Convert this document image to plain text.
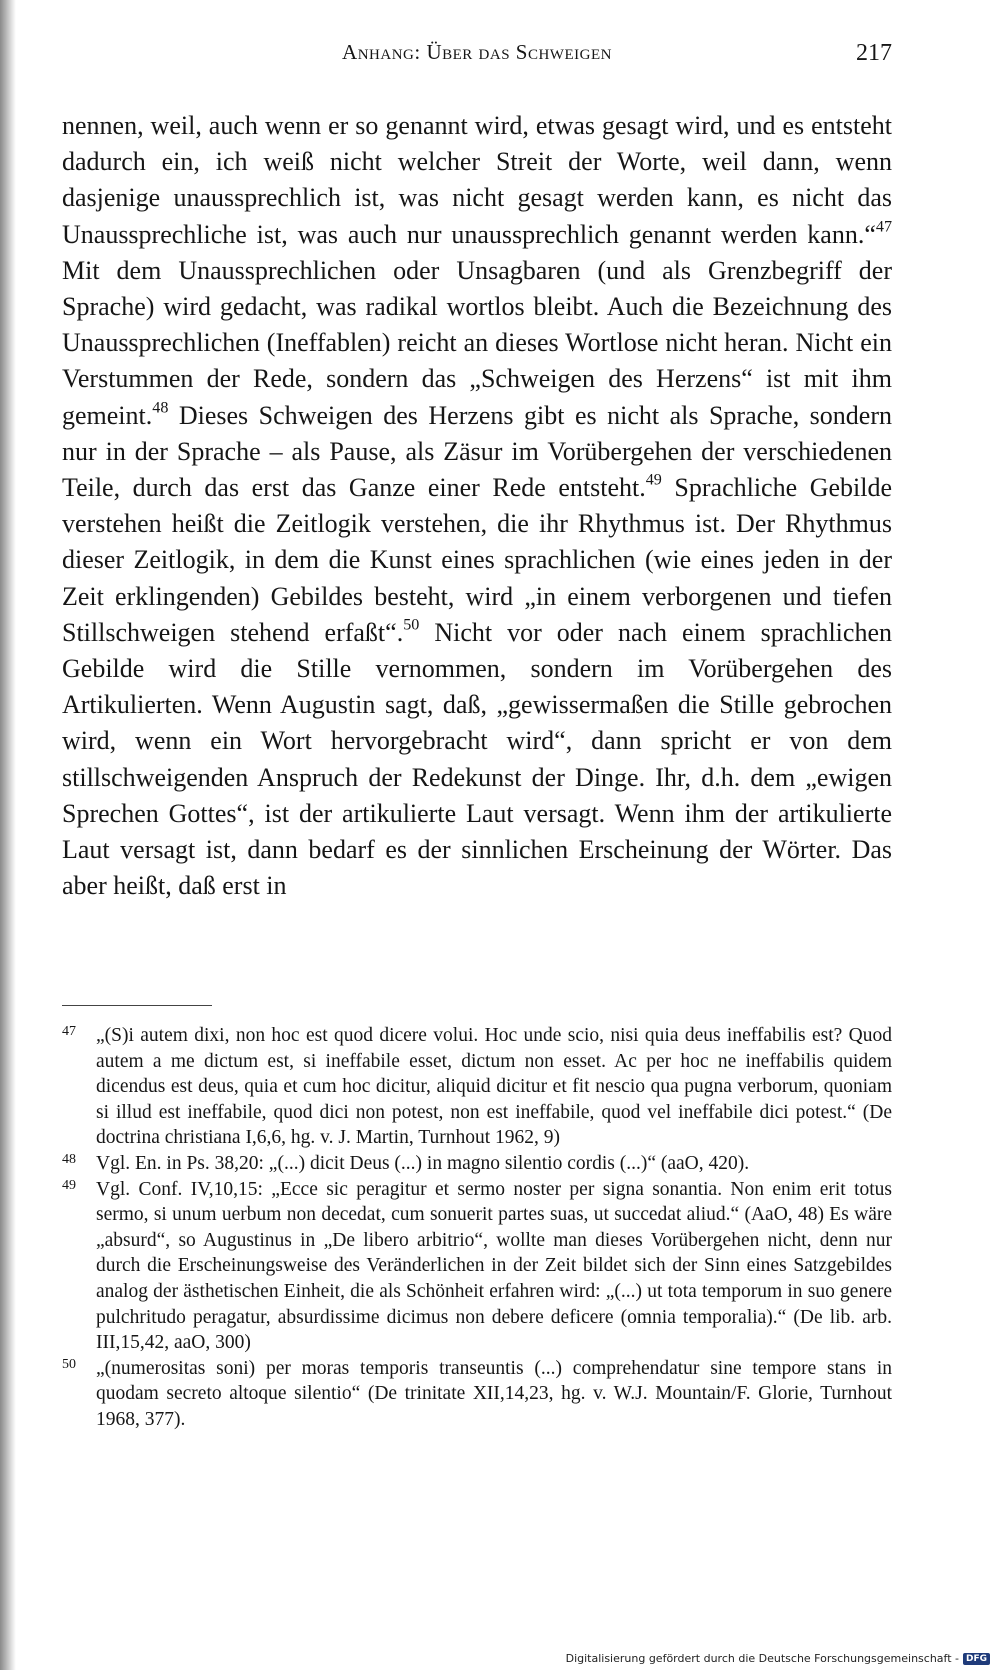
Anhang: Über das Schweigen	217

nennen, weil, auch wenn er so genannt wird, etwas gesagt wird, und es entsteht dadurch ein, ich weiß nicht welcher Streit der Worte, weil dann, wenn dasjenige unaussprechlich ist, was nicht gesagt werden kann, es nicht das Unaussprechliche ist, was auch nur unaussprechlich genannt werden kann.“$^{47}$ Mit dem Unaussprechlichen oder Unsagbaren (und als Grenzbegriff der Sprache) wird gedacht, was radikal wortlos bleibt. Auch die Bezeichnung des Unaussprechlichen (Ineffablen) reicht an dieses Wortlose nicht heran. Nicht ein Verstummen der Rede, sondern das „Schweigen des Herzens“ ist mit ihm gemeint.$^{48}$ Dieses Schweigen des Herzens gibt es nicht als Sprache, sondern nur in der Sprache – als Pause, als Zäsur im Vorübergehen der verschiedenen Teile, durch das erst das Ganze einer Rede entsteht.$^{49}$ Sprachliche Gebilde verstehen heißt die Zeitlogik verstehen, die ihr Rhythmus ist. Der Rhythmus dieser Zeitlogik, in dem die Kunst eines sprachlichen (wie eines jeden in der Zeit erklingenden) Gebildes besteht, wird „in einem verborgenen und tiefen Stillschweigen stehend erfaßt“.$^{50}$ Nicht vor oder nach einem sprachlichen Gebilde wird die Stille vernommen, sondern im Vorübergehen des Artikulierten. Wenn Augustin sagt, daß, „gewissermaßen die Stille gebrochen wird, wenn ein Wort hervorgebracht wird“, dann spricht er von dem stillschweigenden Anspruch der Redekunst der Dinge. Ihr, d.h. dem „ewigen Sprechen Gottes“, ist der artikulierte Laut versagt. Wenn ihm der artikulierte Laut versagt ist, dann bedarf es der sinnlichen Erscheinung der Wörter. Das aber heißt, daß erst in

47 „(S)i autem dixi, non hoc est quod dicere volui. Hoc unde scio, nisi quia deus ineffabilis est? Quod autem a me dictum est, si ineffabile esset, dictum non esset. Ac per hoc ne ineffabilis quidem dicendus est deus, quia et cum hoc dicitur, aliquid dicitur et fit nescio qua pugna verborum, quoniam si illud est ineffabile, quod dici non potest, non est ineffabile, quod vel ineffabile dici potest.“ (De doctrina christiana I,6,6, hg. v. J. Martin, Turnhout 1962, 9)

48 Vgl. En. in Ps. 38,20: „(...) dicit Deus (...) in magno silentio cordis (...)“ (aaO, 420).

49 Vgl. Conf. IV,10,15: „Ecce sic peragitur et sermo noster per signa sonantia. Non enim erit totus sermo, si unum uerbum non decedat, cum sonuerit partes suas, ut succedat aliud.“ (AaO, 48) Es wäre „absurd“, so Augustinus in „De libero arbitrio“, wollte man dieses Vorübergehen nicht, denn nur durch die Erscheinungsweise des Veränderlichen in der Zeit bildet sich der Sinn eines Satzgebildes analog der ästhetischen Einheit, die als Schönheit erfahren wird: „(...) ut tota temporum in suo genere pulchritudo peragatur, absurdissime dicimus non debere deficere (omnia temporalia).“ (De lib. arb. III,15,42, aaO, 300)

50 „(numerositas soni) per moras temporis transeuntis (...) comprehendatur sine tempore stans in quodam secreto altoque silentio“ (De trinitate XII,14,23, hg. v. W.J. Mountain/F. Glorie, Turnhout 1968, 377).

Digitalisierung gefördert durch die Deutsche Forschungsgemeinschaft - DFG
